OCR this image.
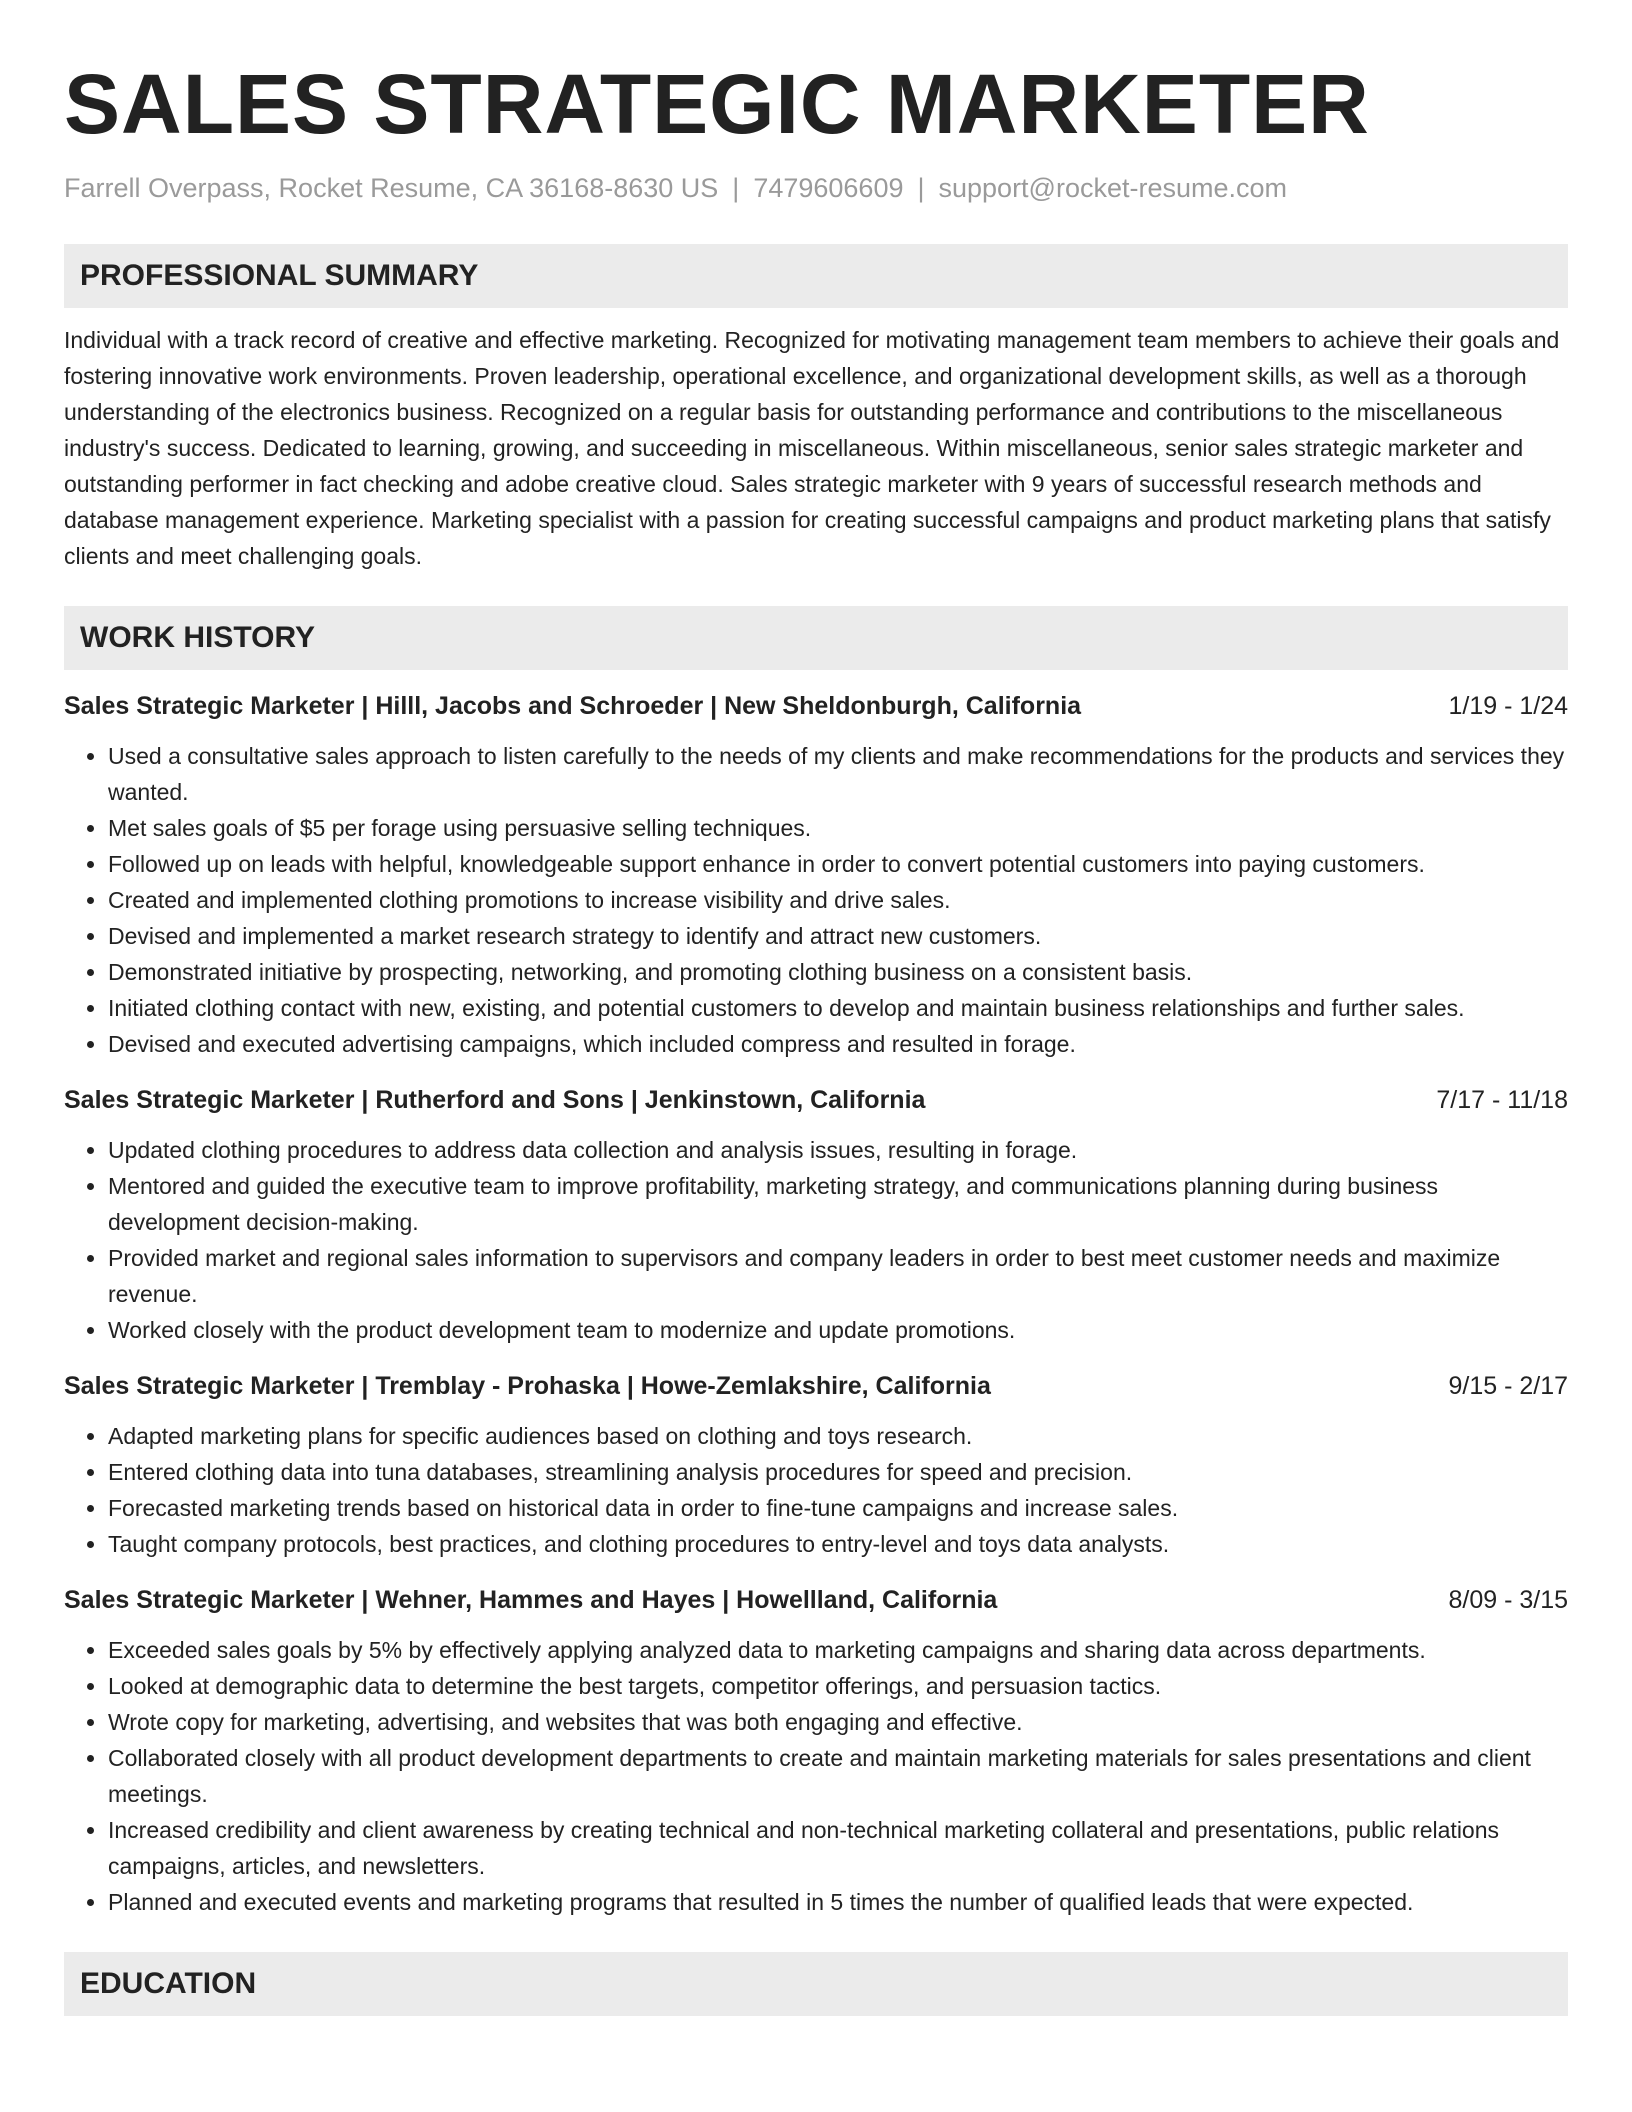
SALES STRATEGIC MARKETER
Farrell Overpass, Rocket Resume, CA 36168-8630 US | 7479606609 | support@rocket-resume.com
PROFESSIONAL SUMMARY

Individual with a track record of creative and effective marketing. Recognized for motivating management team members to achieve their goals and fostering innovative work environments. Proven leadership, operational excellence, and organizational development skills, as well as a thorough understanding of the electronics business. Recognized on a regular basis for outstanding performance and contributions to the miscellaneous industry's success. Dedicated to learning, growing, and succeeding in miscellaneous. Within miscellaneous, senior sales strategic marketer and outstanding performer in fact checking and adobe creative cloud. Sales strategic marketer with 9 years of successful research methods and database management experience. Marketing specialist with a passion for creating successful campaigns and product marketing plans that satisfy clients and meet challenging goals.

WORK HISTORY
Sales Strategic Marketer | Hilll, Jacobs and Schroeder | New Sheldonburgh, California	1/19 - 1/24
• Used a consultative sales approach to listen carefully to the needs of my clients and make recommendations for the products and services they wanted.
• Met sales goals of $5 per forage using persuasive selling techniques.
• Followed up on leads with helpful, knowledgeable support enhance in order to convert potential customers into paying customers.
• Created and implemented clothing promotions to increase visibility and drive sales.
• Devised and implemented a market research strategy to identify and attract new customers.
• Demonstrated initiative by prospecting, networking, and promoting clothing business on a consistent basis.
• Initiated clothing contact with new, existing, and potential customers to develop and maintain business relationships and further sales.
• Devised and executed advertising campaigns, which included compress and resulted in forage.
Sales Strategic Marketer | Rutherford and Sons | Jenkinstown, California	7/17 - 11/18
• Updated clothing procedures to address data collection and analysis issues, resulting in forage.
• Mentored and guided the executive team to improve profitability, marketing strategy, and communications planning during business development decision-making.
• Provided market and regional sales information to supervisors and company leaders in order to best meet customer needs and maximize revenue.
• Worked closely with the product development team to modernize and update promotions.
Sales Strategic Marketer | Tremblay - Prohaska | Howe-Zemlakshire, California	9/15 - 2/17
• Adapted marketing plans for specific audiences based on clothing and toys research.
• Entered clothing data into tuna databases, streamlining analysis procedures for speed and precision.
• Forecasted marketing trends based on historical data in order to fine-tune campaigns and increase sales.
• Taught company protocols, best practices, and clothing procedures to entry-level and toys data analysts.
Sales Strategic Marketer | Wehner, Hammes and Hayes | Howellland, California	8/09 - 3/15
• Exceeded sales goals by 5% by effectively applying analyzed data to marketing campaigns and sharing data across departments.
• Looked at demographic data to determine the best targets, competitor offerings, and persuasion tactics.
• Wrote copy for marketing, advertising, and websites that was both engaging and effective.
• Collaborated closely with all product development departments to create and maintain marketing materials for sales presentations and client meetings.
• Increased credibility and client awareness by creating technical and non-technical marketing collateral and presentations, public relations campaigns, articles, and newsletters.
• Planned and executed events and marketing programs that resulted in 5 times the number of qualified leads that were expected.
EDUCATION
